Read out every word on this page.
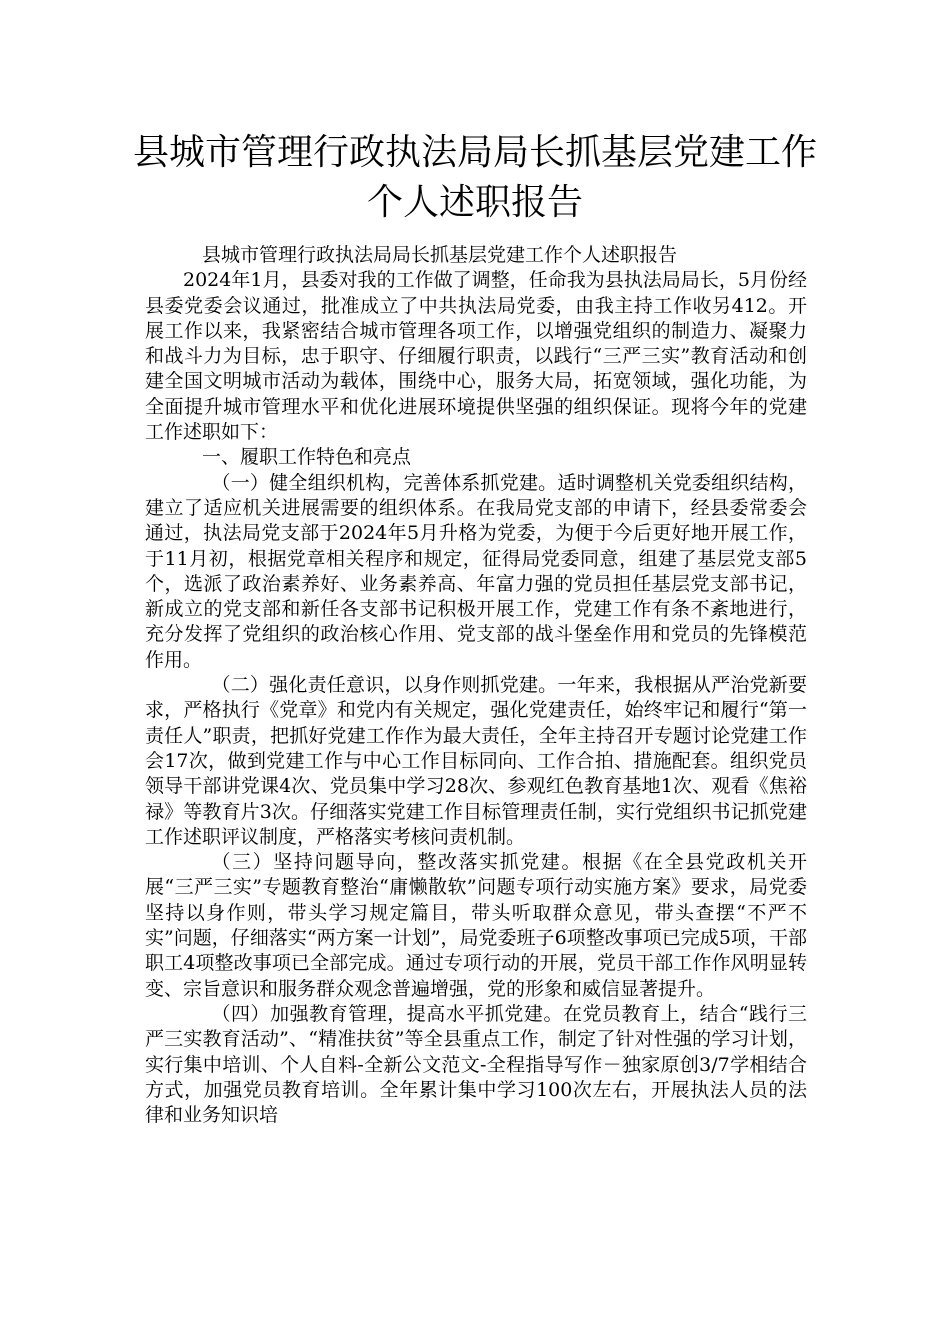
县城市管理行政执法局局长抓基层党建工作个人述职报告

县城市管理行政执法局局长抓基层党建工作个人述职报告

2024年1月，县委对我的工作做了调整，任命我为县执法局局长，5月份经县委党委会议通过，批准成立了中共执法局党委，由我主持工作收另412。开展工作以来，我紧密结合城市管理各项工作，以增强党组织的制造力、凝聚力和战斗力为目标，忠于职守、仔细履行职责，以践行“三严三实”教育活动和创建全国文明城市活动为载体，围绕中心，服务大局，拓宽领域，强化功能，为全面提升城市管理水平和优化进展环境提供坚强的组织保证。现将今年的党建工作述职如下：

一、履职工作特色和亮点

（一）健全组织机构，完善体系抓党建。适时调整机关党委组织结构，建立了适应机关进展需要的组织体系。在我局党支部的申请下，经县委常委会通过，执法局党支部于2024年5月升格为党委，为便于今后更好地开展工作，于11月初，根据党章相关程序和规定，征得局党委同意，组建了基层党支部5个，选派了政治素养好、业务素养高、年富力强的党员担任基层党支部书记，新成立的党支部和新任各支部书记积极开展工作，党建工作有条不紊地进行，充分发挥了党组织的政治核心作用、党支部的战斗堡垒作用和党员的先锋模范作用。

（二）强化责任意识，以身作则抓党建。一年来，我根据从严治党新要求，严格执行《党章》和党内有关规定，强化党建责任，始终牢记和履行“第一责任人”职责，把抓好党建工作作为最大责任，全年主持召开专题讨论党建工作会17次，做到党建工作与中心工作目标同向、工作合拍、措施配套。组织党员领导干部讲党课4次、党员集中学习28次、参观红色教育基地1次、观看《焦裕禄》等教育片3次。仔细落实党建工作目标管理责任制，实行党组织书记抓党建工作述职评议制度，严格落实考核问责机制。

（三）坚持问题导向，整改落实抓党建。根据《在全县党政机关开展“三严三实”专题教育整治“庸懒散软”问题专项行动实施方案》要求，局党委坚持以身作则，带头学习规定篇目，带头听取群众意见，带头查摆“不严不实”问题，仔细落实“两方案一计划”，局党委班子6项整改事项已完成5项，干部职工4项整改事项已全部完成。通过专项行动的开展，党员干部工作作风明显转变、宗旨意识和服务群众观念普遍增强，党的形象和威信显著提升。

（四）加强教育管理，提高水平抓党建。在党员教育上，结合“践行三严三实教育活动”、“精准扶贫”等全县重点工作，制定了针对性强的学习计划，实行集中培训、个人自料-全新公文范文-全程指导写作－独家原创3/7学相结合方式，加强党员教育培训。全年累计集中学习100次左右，开展执法人员的法律和业务知识培
